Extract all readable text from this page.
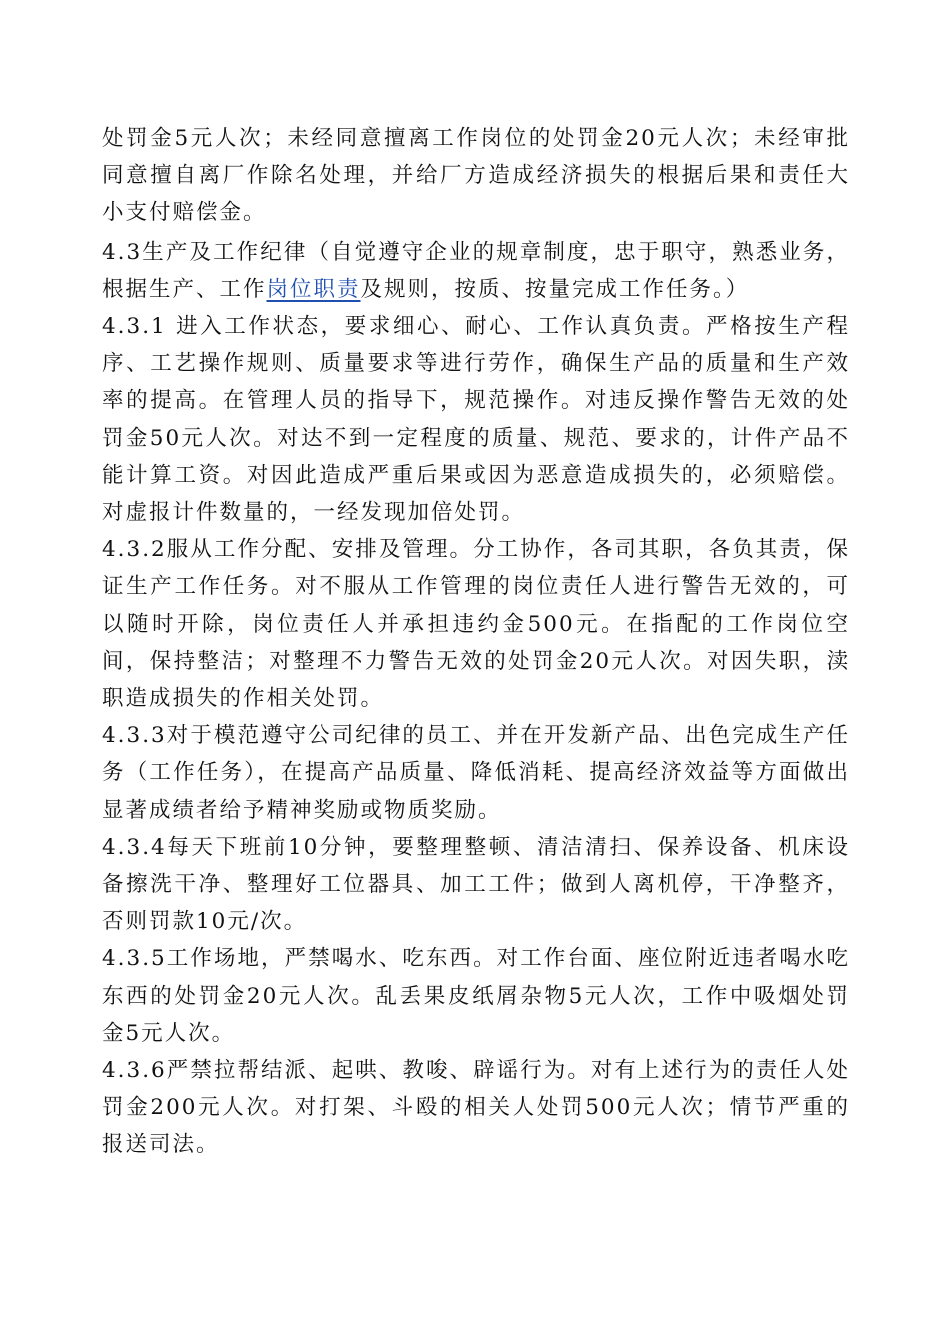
处罚金5元人次；未经同意擅离工作岗位的处罚金20元人次；未经审批同意擅自离厂作除名处理，并给厂方造成经济损失的根据后果和责任大小支付赔偿金。

4.3生产及工作纪律（自觉遵守企业的规章制度，忠于职守，熟悉业务，根据生产、工作岗位职责及规则，按质、按量完成工作任务。）

4.3.1 进入工作状态，要求细心、耐心、工作认真负责。严格按生产程序、工艺操作规则、质量要求等进行劳作，确保生产品的质量和生产效率的提高。在管理人员的指导下，规范操作。对违反操作警告无效的处罚金50元人次。对达不到一定程度的质量、规范、要求的，计件产品不能计算工资。对因此造成严重后果或因为恶意造成损失的，必须赔偿。对虚报计件数量的，一经发现加倍处罚。

4.3.2服从工作分配、安排及管理。分工协作，各司其职，各负其责，保证生产工作任务。对不服从工作管理的岗位责任人进行警告无效的，可以随时开除，岗位责任人并承担违约金500元。在指配的工作岗位空间，保持整洁；对整理不力警告无效的处罚金20元人次。对因失职，渎职造成损失的作相关处罚。

4.3.3对于模范遵守公司纪律的员工、并在开发新产品、出色完成生产任务（工作任务），在提高产品质量、降低消耗、提高经济效益等方面做出显著成绩者给予精神奖励或物质奖励。

4.3.4每天下班前10分钟，要整理整顿、清洁清扫、保养设备、机床设备擦洗干净、整理好工位器具、加工工件；做到人离机停，干净整齐，否则罚款10元/次。

4.3.5工作场地，严禁喝水、吃东西。对工作台面、座位附近违者喝水吃东西的处罚金20元人次。乱丢果皮纸屑杂物5元人次，工作中吸烟处罚金5元人次。

4.3.6严禁拉帮结派、起哄、教唆、辟谣行为。对有上述行为的责任人处罚金200元人次。对打架、斗殴的相关人处罚500元人次；情节严重的报送司法。
